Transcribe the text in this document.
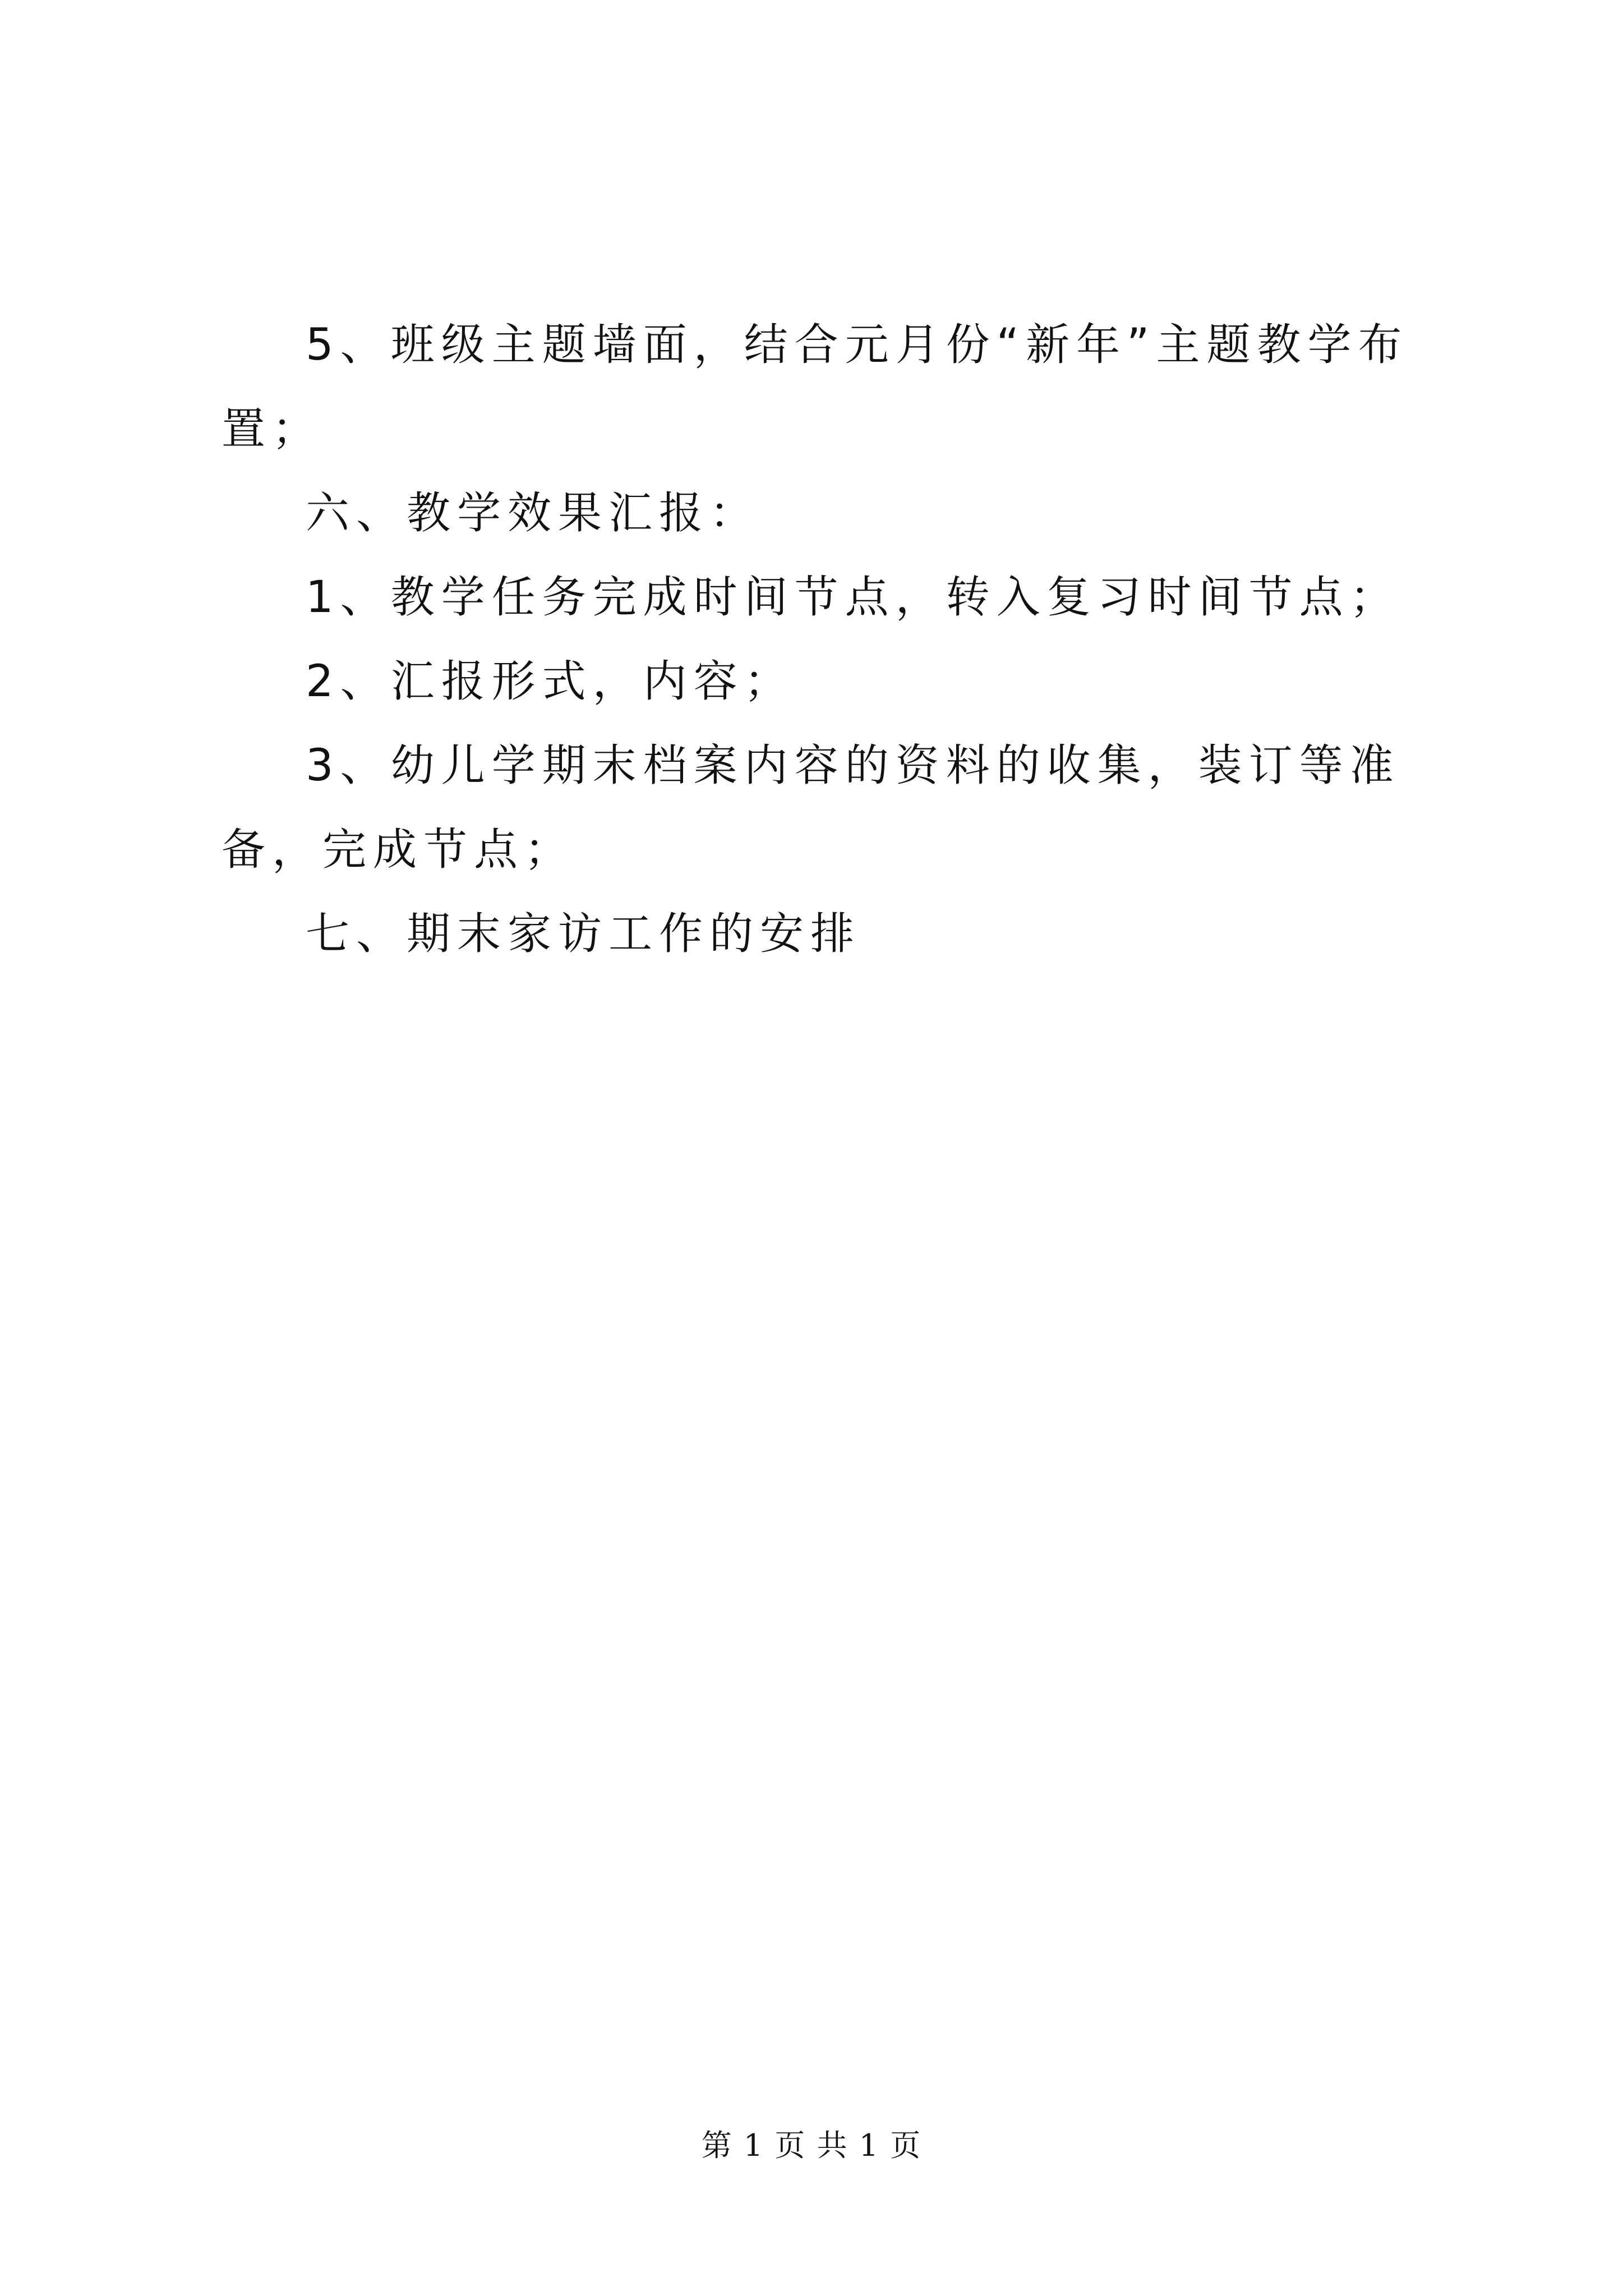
5、班级主题墙面，结合元月份“新年”主题教学布置；

六、教学效果汇报：

1、教学任务完成时间节点，转入复习时间节点；

2、汇报形式，内容；

3、幼儿学期末档案内容的资料的收集，装订等准备，完成节点；

七、期末家访工作的安排

第 1 页 共 1 页
